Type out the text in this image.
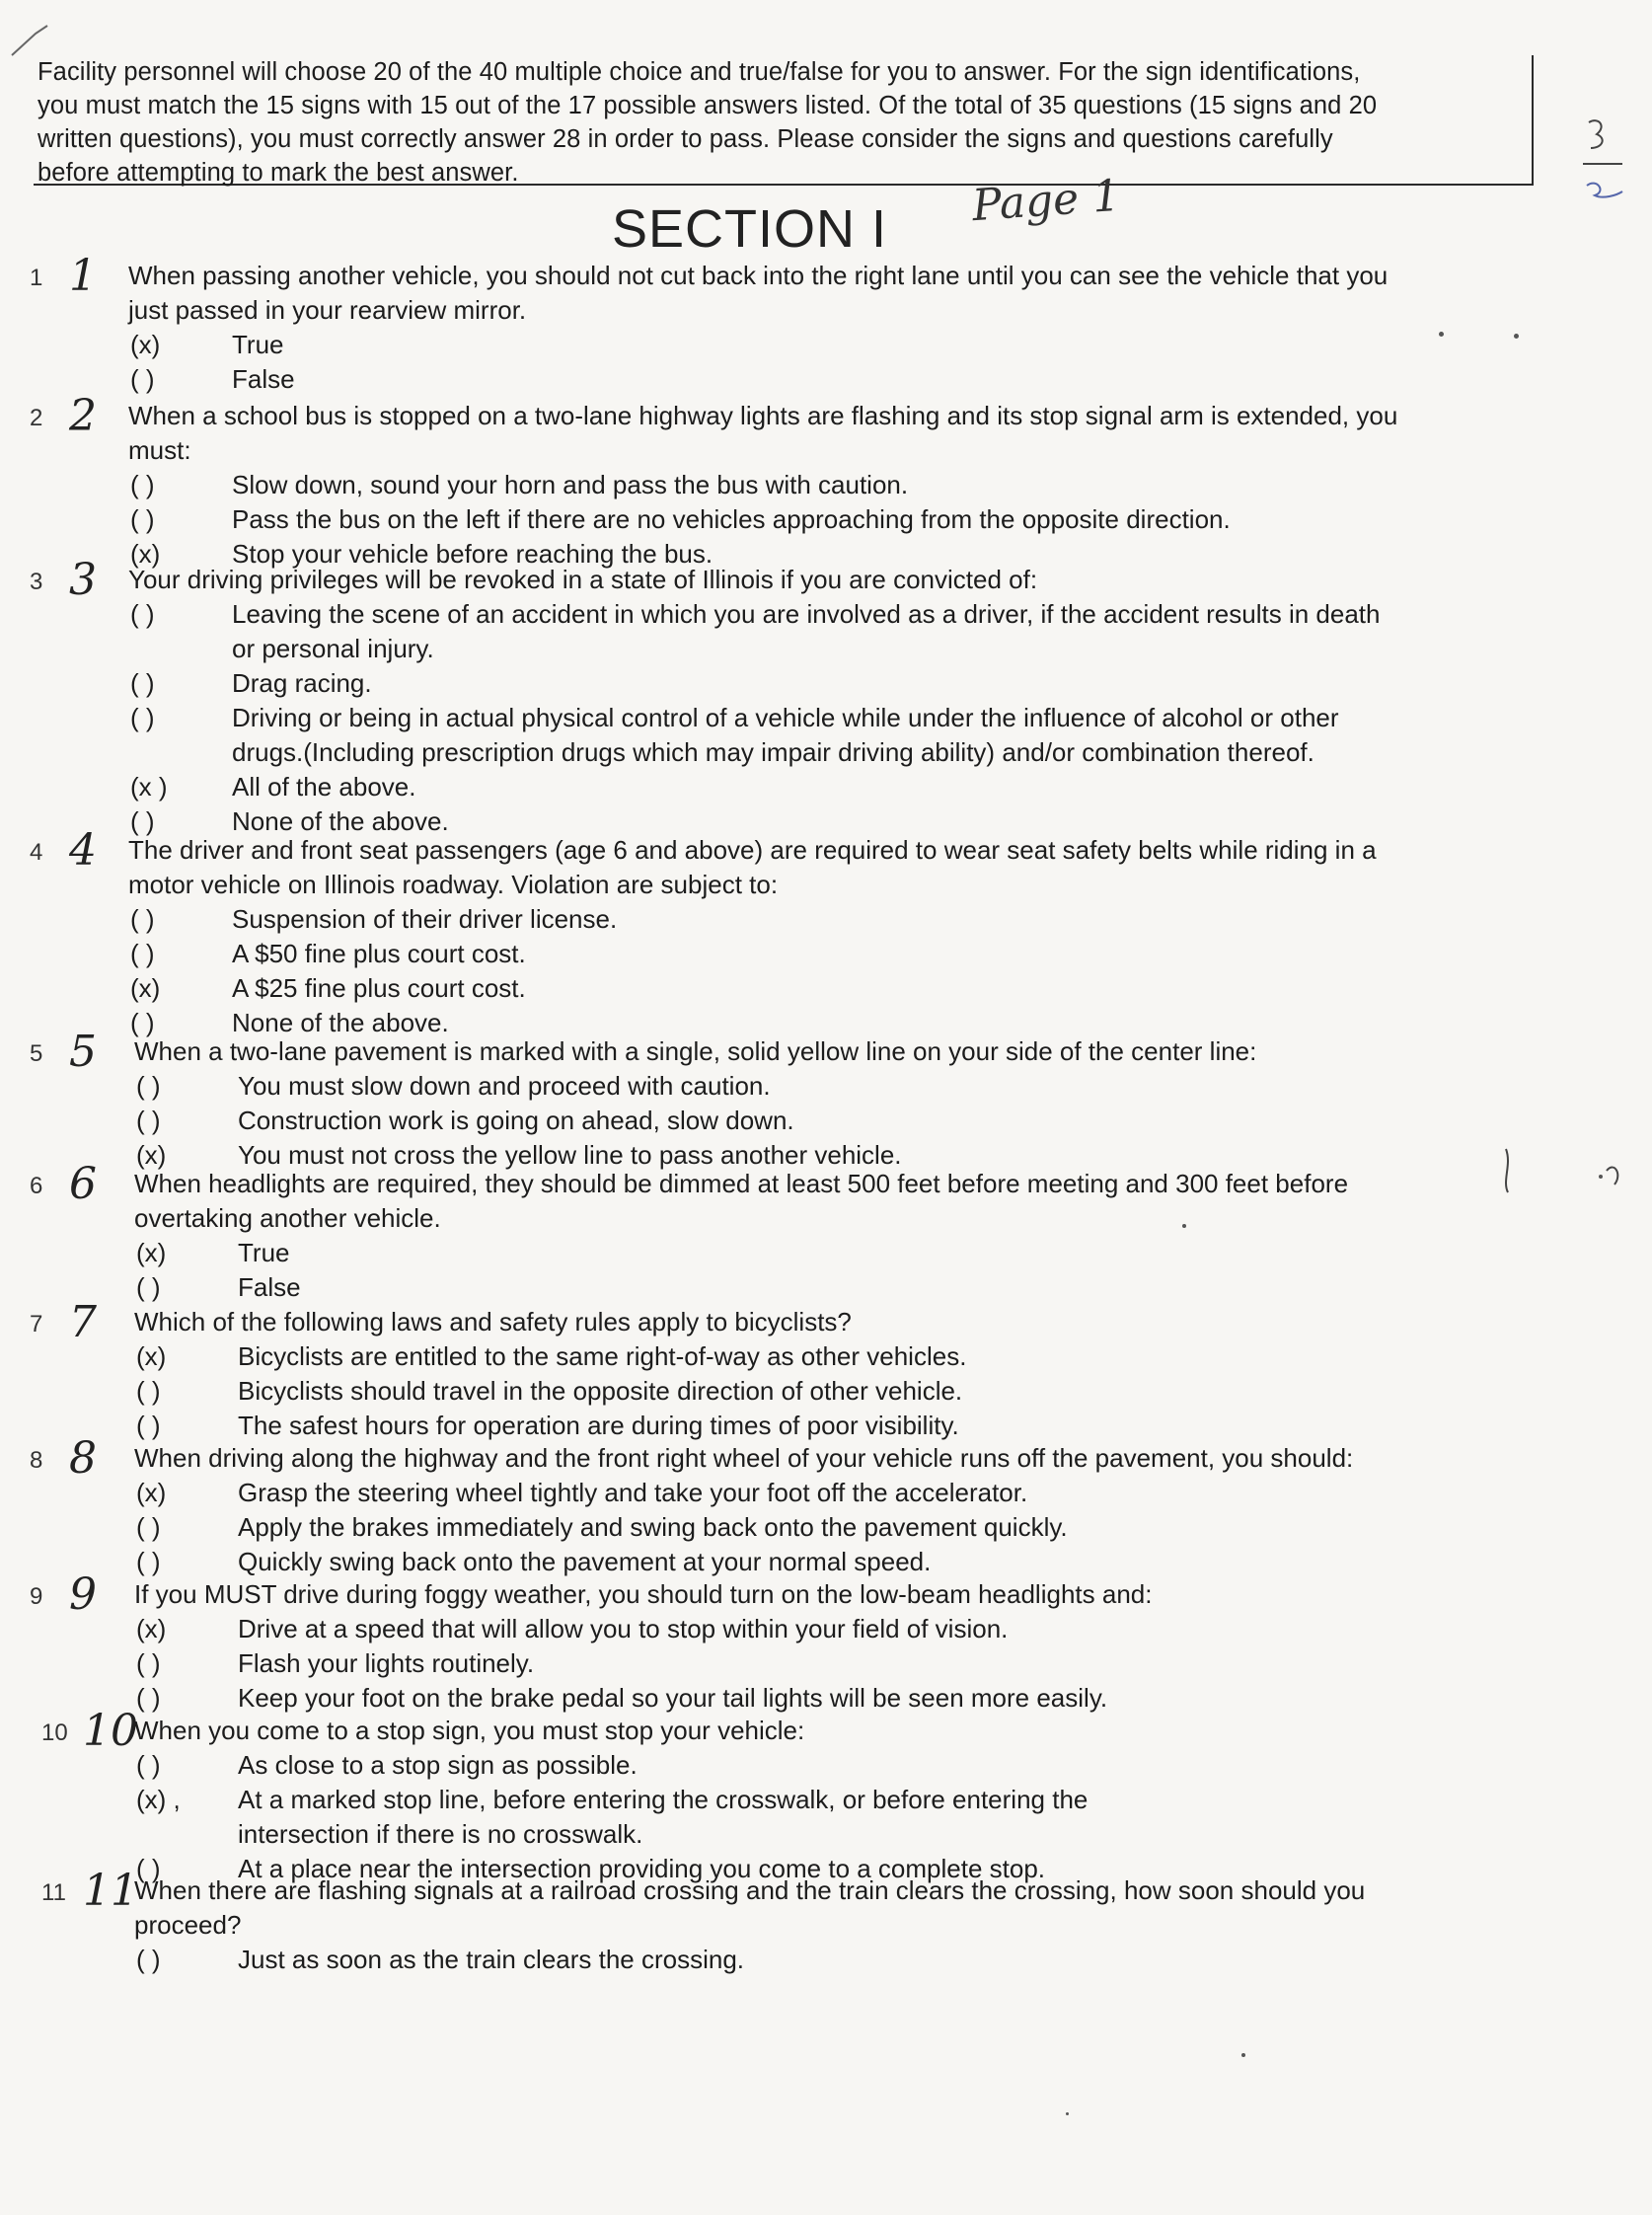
Facility personnel will choose 20 of the 40 multiple choice and true/false for you to answer. For the sign identifications,
you must match the 15 signs with 15 out of the 17 possible answers listed. Of the total of 35 questions (15 signs and 20
written questions), you must correctly answer 28 in order to pass. Please consider the signs and questions carefully
before attempting to mark the best answer.
SECTION I Page 1
1 1 When passing another vehicle, you should not cut back into the right lane until you can see the vehicle that you
just passed in your rearview mirror.
(x)	True
( )	False
2 2 When a school bus is stopped on a two-lane highway lights are flashing and its stop signal arm is extended, you
must:
( )	Slow down, sound your horn and pass the bus with caution.
( )	Pass the bus on the left if there are no vehicles approaching from the opposite direction.
(x)	Stop your vehicle before reaching the bus.
3 3 Your driving privileges will be revoked in a state of Illinois if you are convicted of:
( )	Leaving the scene of an accident in which you are involved as a driver, if the accident results in death
or personal injury.
( )	Drag racing.
( )	Driving or being in actual physical control of a vehicle while under the influence of alcohol or other
drugs.(Including prescription drugs which may impair driving ability) and/or combination thereof.
(x )	All of the above.
( )	None of the above.
4 4 The driver and front seat passengers (age 6 and above) are required to wear seat safety belts while riding in a
motor vehicle on Illinois roadway. Violation are subject to:
( )	Suspension of their driver license.
( )	A $50 fine plus court cost.
(x)	A $25 fine plus court cost.
( )	None of the above.
5 5 When a two-lane pavement is marked with a single, solid yellow line on your side of the center line:
( )	You must slow down and proceed with caution.
( )	Construction work is going on ahead, slow down.
(x)	You must not cross the yellow line to pass another vehicle.
6 6 When headlights are required, they should be dimmed at least 500 feet before meeting and 300 feet before
overtaking another vehicle.
(x)	True
( )	False
7 7 Which of the following laws and safety rules apply to bicyclists?
(x)	Bicyclists are entitled to the same right-of-way as other vehicles.
( )	Bicyclists should travel in the opposite direction of other vehicle.
( )	The safest hours for operation are during times of poor visibility.
8 8 When driving along the highway and the front right wheel of your vehicle runs off the pavement, you should:
(x)	Grasp the steering wheel tightly and take your foot off the accelerator.
( )	Apply the brakes immediately and swing back onto the pavement quickly.
( )	Quickly swing back onto the pavement at your normal speed.
9 9 If you MUST drive during foggy weather, you should turn on the low-beam headlights and:
(x)	Drive at a speed that will allow you to stop within your field of vision.
( )	Flash your lights routinely.
( )	Keep your foot on the brake pedal so your tail lights will be seen more easily.
10 10
When you come to a stop sign, you must stop your vehicle:
( )	As close to a stop sign as possible.
(x) , At a marked stop line, before entering the crosswalk, or before entering the
intersection if there is no crosswalk.
( )	At a place near the intersection providing you come to a complete stop.
11 11
When there are flashing signals at a railroad crossing and the train clears the crossing, how soon should you
proceed?
( )	Just as soon as the train clears the crossing.
